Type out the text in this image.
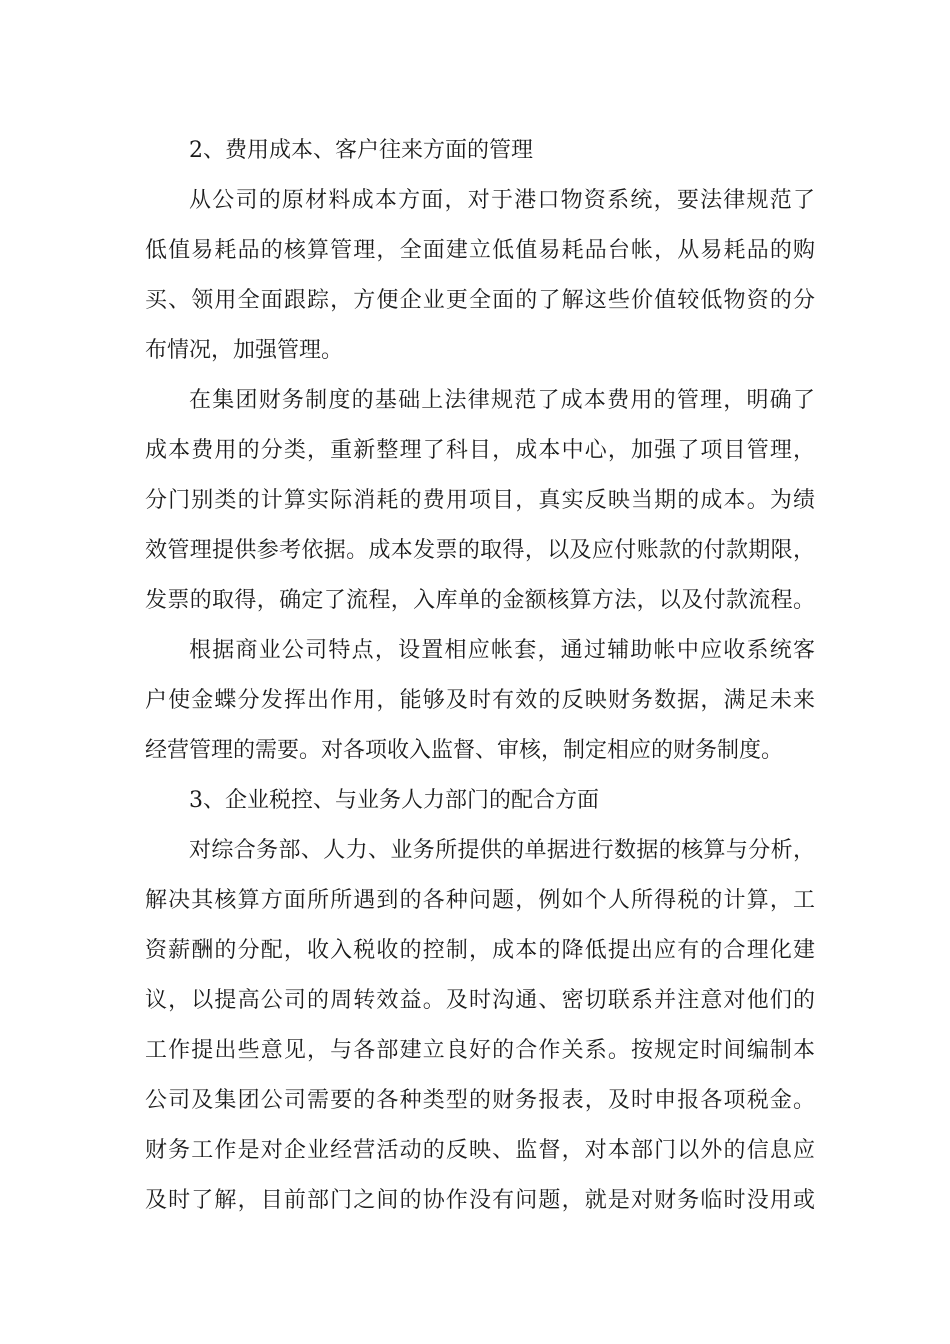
2、费用成本、客户往来方面的管理
从公司的原材料成本方面，对于港口物资系统，要法律规范了
低值易耗品的核算管理，全面建立低值易耗品台帐，从易耗品的购
买、领用全面跟踪，方便企业更全面的了解这些价值较低物资的分
布情况，加强管理。
在集团财务制度的基础上法律规范了成本费用的管理，明确了
成本费用的分类，重新整理了科目，成本中心，加强了项目管理，
分门别类的计算实际消耗的费用项目，真实反映当期的成本。为绩
效管理提供参考依据。成本发票的取得，以及应付账款的付款期限，
发票的取得，确定了流程，入库单的金额核算方法，以及付款流程。
根据商业公司特点，设置相应帐套，通过辅助帐中应收系统客
户使金蝶分发挥出作用，能够及时有效的反映财务数据，满足未来
经营管理的需要。对各项收入监督、审核，制定相应的财务制度。
3、企业税控、与业务人力部门的配合方面
对综合务部、人力、业务所提供的单据进行数据的核算与分析，
解决其核算方面所所遇到的各种问题，例如个人所得税的计算，工
资薪酬的分配，收入税收的控制，成本的降低提出应有的合理化建
议，以提高公司的周转效益。及时沟通、密切联系并注意对他们的
工作提出些意见，与各部建立良好的合作关系。按规定时间编制本
公司及集团公司需要的各种类型的财务报表，及时申报各项税金。
财务工作是对企业经营活动的反映、监督，对本部门以外的信息应
及时了解，目前部门之间的协作没有问题，就是对财务临时没用或
